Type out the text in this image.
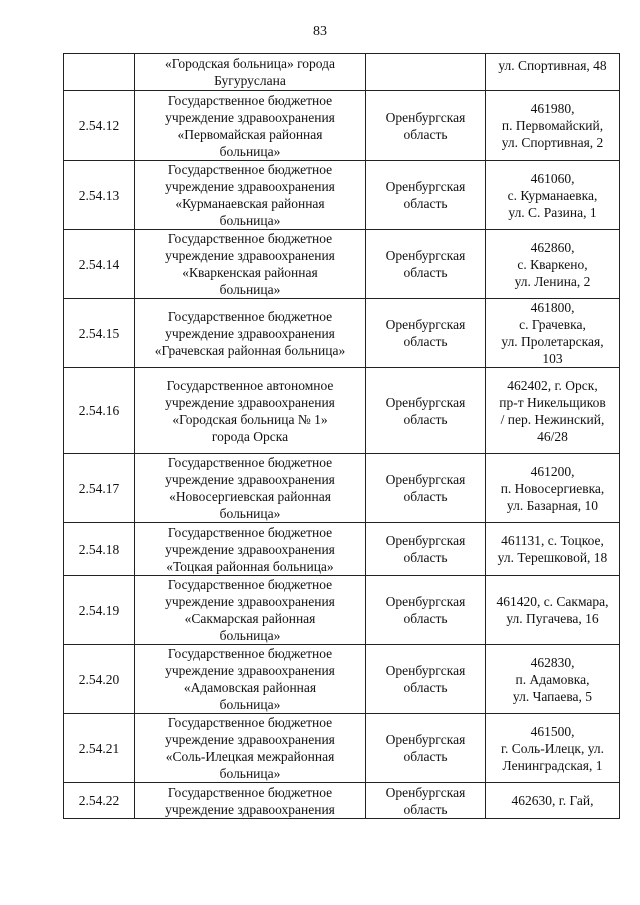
83

	«Городская больница» города
Бугуруслана		ул. Спортивная, 48

2.54.12	Государственное бюджетное
учреждение здравоохранения
«Первомайская районная
больница»	Оренбургская
область	461980,
п. Первомайский,
ул. Спортивная, 2

2.54.13	Государственное бюджетное
учреждение здравоохранения
«Курманаевская районная
больница»	Оренбургская
область	461060,
с. Курманаевка,
ул. С. Разина, 1

2.54.14	Государственное бюджетное
учреждение здравоохранения
«Кваркенская районная
больница»	Оренбургская
область	462860,
с. Кваркено,
ул. Ленина, 2

2.54.15	Государственное бюджетное
учреждение здравоохранения
«Грачевская районная больница»	Оренбургская
область	461800,
с. Грачевка,
ул. Пролетарская,
103

2.54.16	Государственное автономное
учреждение здравоохранения
«Городская больница № 1»
города Орска	Оренбургская
область	462402, г. Орск,
пр-т Никельщиков
/ пер. Нежинский,
46/28

2.54.17	Государственное бюджетное
учреждение здравоохранения
«Новосергиевская районная
больница»	Оренбургская
область	461200,
п. Новосергиевка,
ул. Базарная, 10

2.54.18	Государственное бюджетное
учреждение здравоохранения
«Тоцкая районная больница»	Оренбургская
область	461131, с. Тоцкое,
ул. Терешковой, 18

2.54.19	Государственное бюджетное
учреждение здравоохранения
«Сакмарская районная
больница»	Оренбургская
область	461420, с. Сакмара,
ул. Пугачева, 16

2.54.20	Государственное бюджетное
учреждение здравоохранения
«Адамовская районная
больница»	Оренбургская
область	462830,
п. Адамовка,
ул. Чапаева, 5

2.54.21	Государственное бюджетное
учреждение здравоохранения
«Соль-Илецкая межрайонная
больница»	Оренбургская
область	461500,
г. Соль-Илецк, ул.
Ленинградская, 1

2.54.22	Государственное бюджетное
учреждение здравоохранения	Оренбургская
область	462630, г. Гай,
